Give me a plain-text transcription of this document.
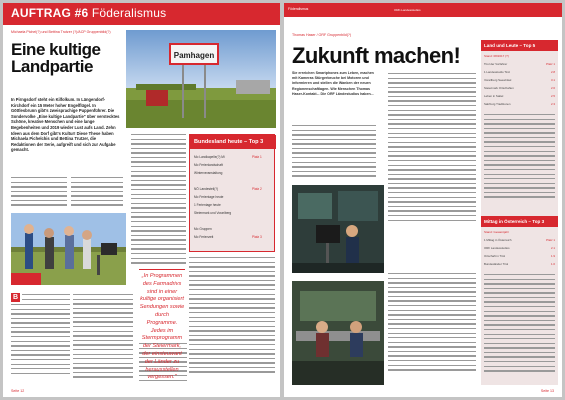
AUFTRAG #6 Föderalismus
Michaela Pichel(?) und Bettina Trutzer (?)/ACP Gruppenbild(?)
Eine kultige Landpartie
In Pirngsdorf steht ein Kilfolkum. In Längendorf-Kirchdorf ein 15 Meter hoher Engelflügel. In Göttlesbrunn gibt's zweisprachige Puppenführer. Die Sondervolke „Eine kultige Landpartie" über verstecktes Schöne, kreative Menschen und eine lange Begebenheiten und 2019 wieder Lust aufs Land. Zehn Ideen aus dem Dorf gibt's Kultur! Diese These haben Michaela Pichelchis und Bettina Trutzer, die Redaktionen der Serie, aufgreift und sich zur Aufgabe gemacht.
Pamhagen
B
„In Programmen des Farmadrivs sind in einer kultige organisiert Sendungen sowie durch Programme. Jedes im Stermprogramm der Steiermark, der einsteuwant der Länder zu herausstellen vergessen."
Bundesland heute – Top 3
Mo Landkapelle(?) Mi	Platz 1
Mo Ferienlandschaft
Winterveranstaltung
NÖ Landesteil(?)	Platz 2
Mo Ferientage heute
1 Ferientage heute
Steiermark und Vorarlberg
Mo Gruppen
Mo Ferienzeit	Platz 3
Seite 12
Föderalismus	ORF-Landesstudios
Thomas Haser / ORF Gruppenbild(?)
Zukunft machen!
Sie erreichen Smartphones zum Leben, machen mit Kameras Stürgerbeuche bei Motoren und informieren und stellen die Wanken der neuen Regionenschaftlagen. Wie Menschen Thomas Haser-Kontakt... Die ORF Ländestudios haben...
Land und Leute – Top 5
Stand: 08/2017 (?)
Tirol der Vorfahrer	Platz 1
1 Landesstudio Tirol	2.8
Vorarlberg Seewinkel	3.1
Steiermark Ortschaften	2.6
Leben in Sattel	2.5
Salzburg Traditionen	2.3
Mittag in Österreich – Top 3
Stand: Gesamtjahr
1 Mittag in Österreich	Platz 1
ORF Landesstudios	2.1
Ortschaft in Tirol	1.9
Bundesländer Tirol	1.6
Seite 13
